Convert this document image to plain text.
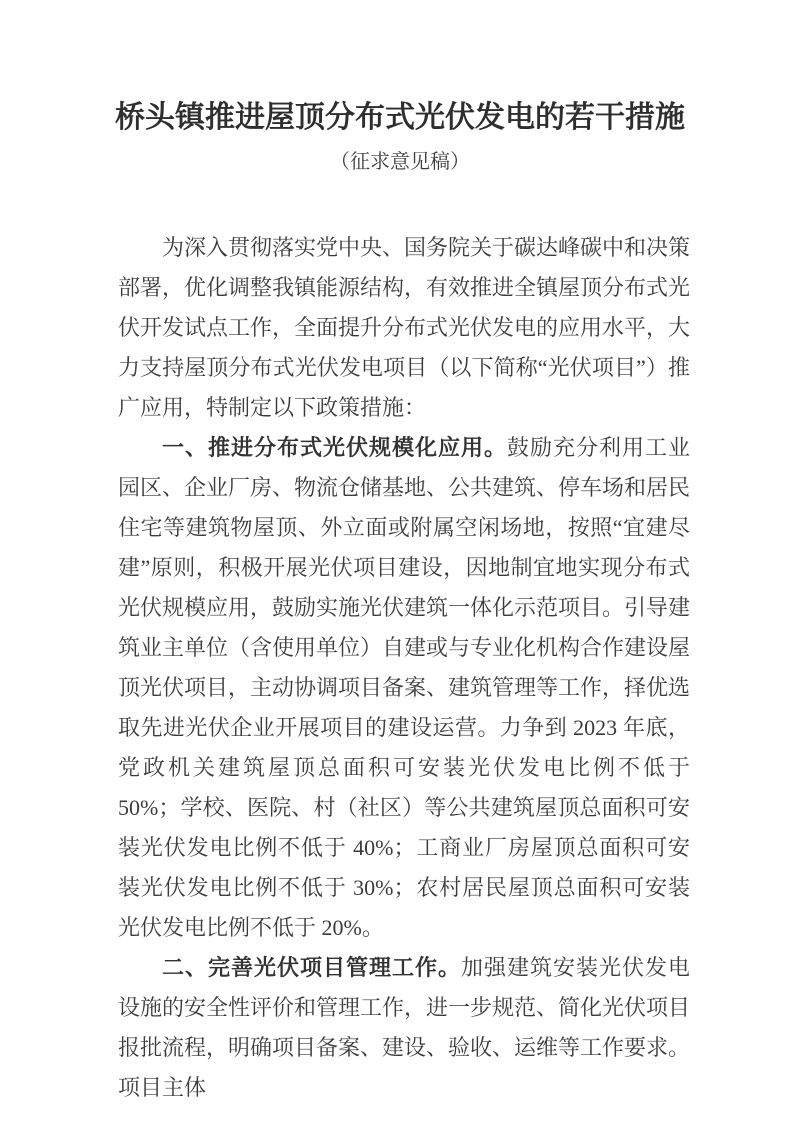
桥头镇推进屋顶分布式光伏发电的若干措施
（征求意见稿）

为深入贯彻落实党中央、国务院关于碳达峰碳中和决策部署，优化调整我镇能源结构，有效推进全镇屋顶分布式光伏开发试点工作，全面提升分布式光伏发电的应用水平，大力支持屋顶分布式光伏发电项目（以下简称“光伏项目”）推广应用，特制定以下政策措施：

一、推进分布式光伏规模化应用。鼓励充分利用工业园区、企业厂房、物流仓储基地、公共建筑、停车场和居民住宅等建筑物屋顶、外立面或附属空闲场地，按照“宜建尽建”原则，积极开展光伏项目建设，因地制宜地实现分布式光伏规模应用，鼓励实施光伏建筑一体化示范项目。引导建筑业主单位（含使用单位）自建或与专业化机构合作建设屋顶光伏项目，主动协调项目备案、建筑管理等工作，择优选取先进光伏企业开展项目的建设运营。力争到 2023 年底，党政机关建筑屋顶总面积可安装光伏发电比例不低于 50%；学校、医院、村（社区）等公共建筑屋顶总面积可安装光伏发电比例不低于 40%；工商业厂房屋顶总面积可安装光伏发电比例不低于 30%；农村居民屋顶总面积可安装光伏发电比例不低于 20%。

二、完善光伏项目管理工作。加强建筑安装光伏发电设施的安全性评价和管理工作，进一步规范、简化光伏项目报批流程，明确项目备案、建设、验收、运维等工作要求。项目主体
